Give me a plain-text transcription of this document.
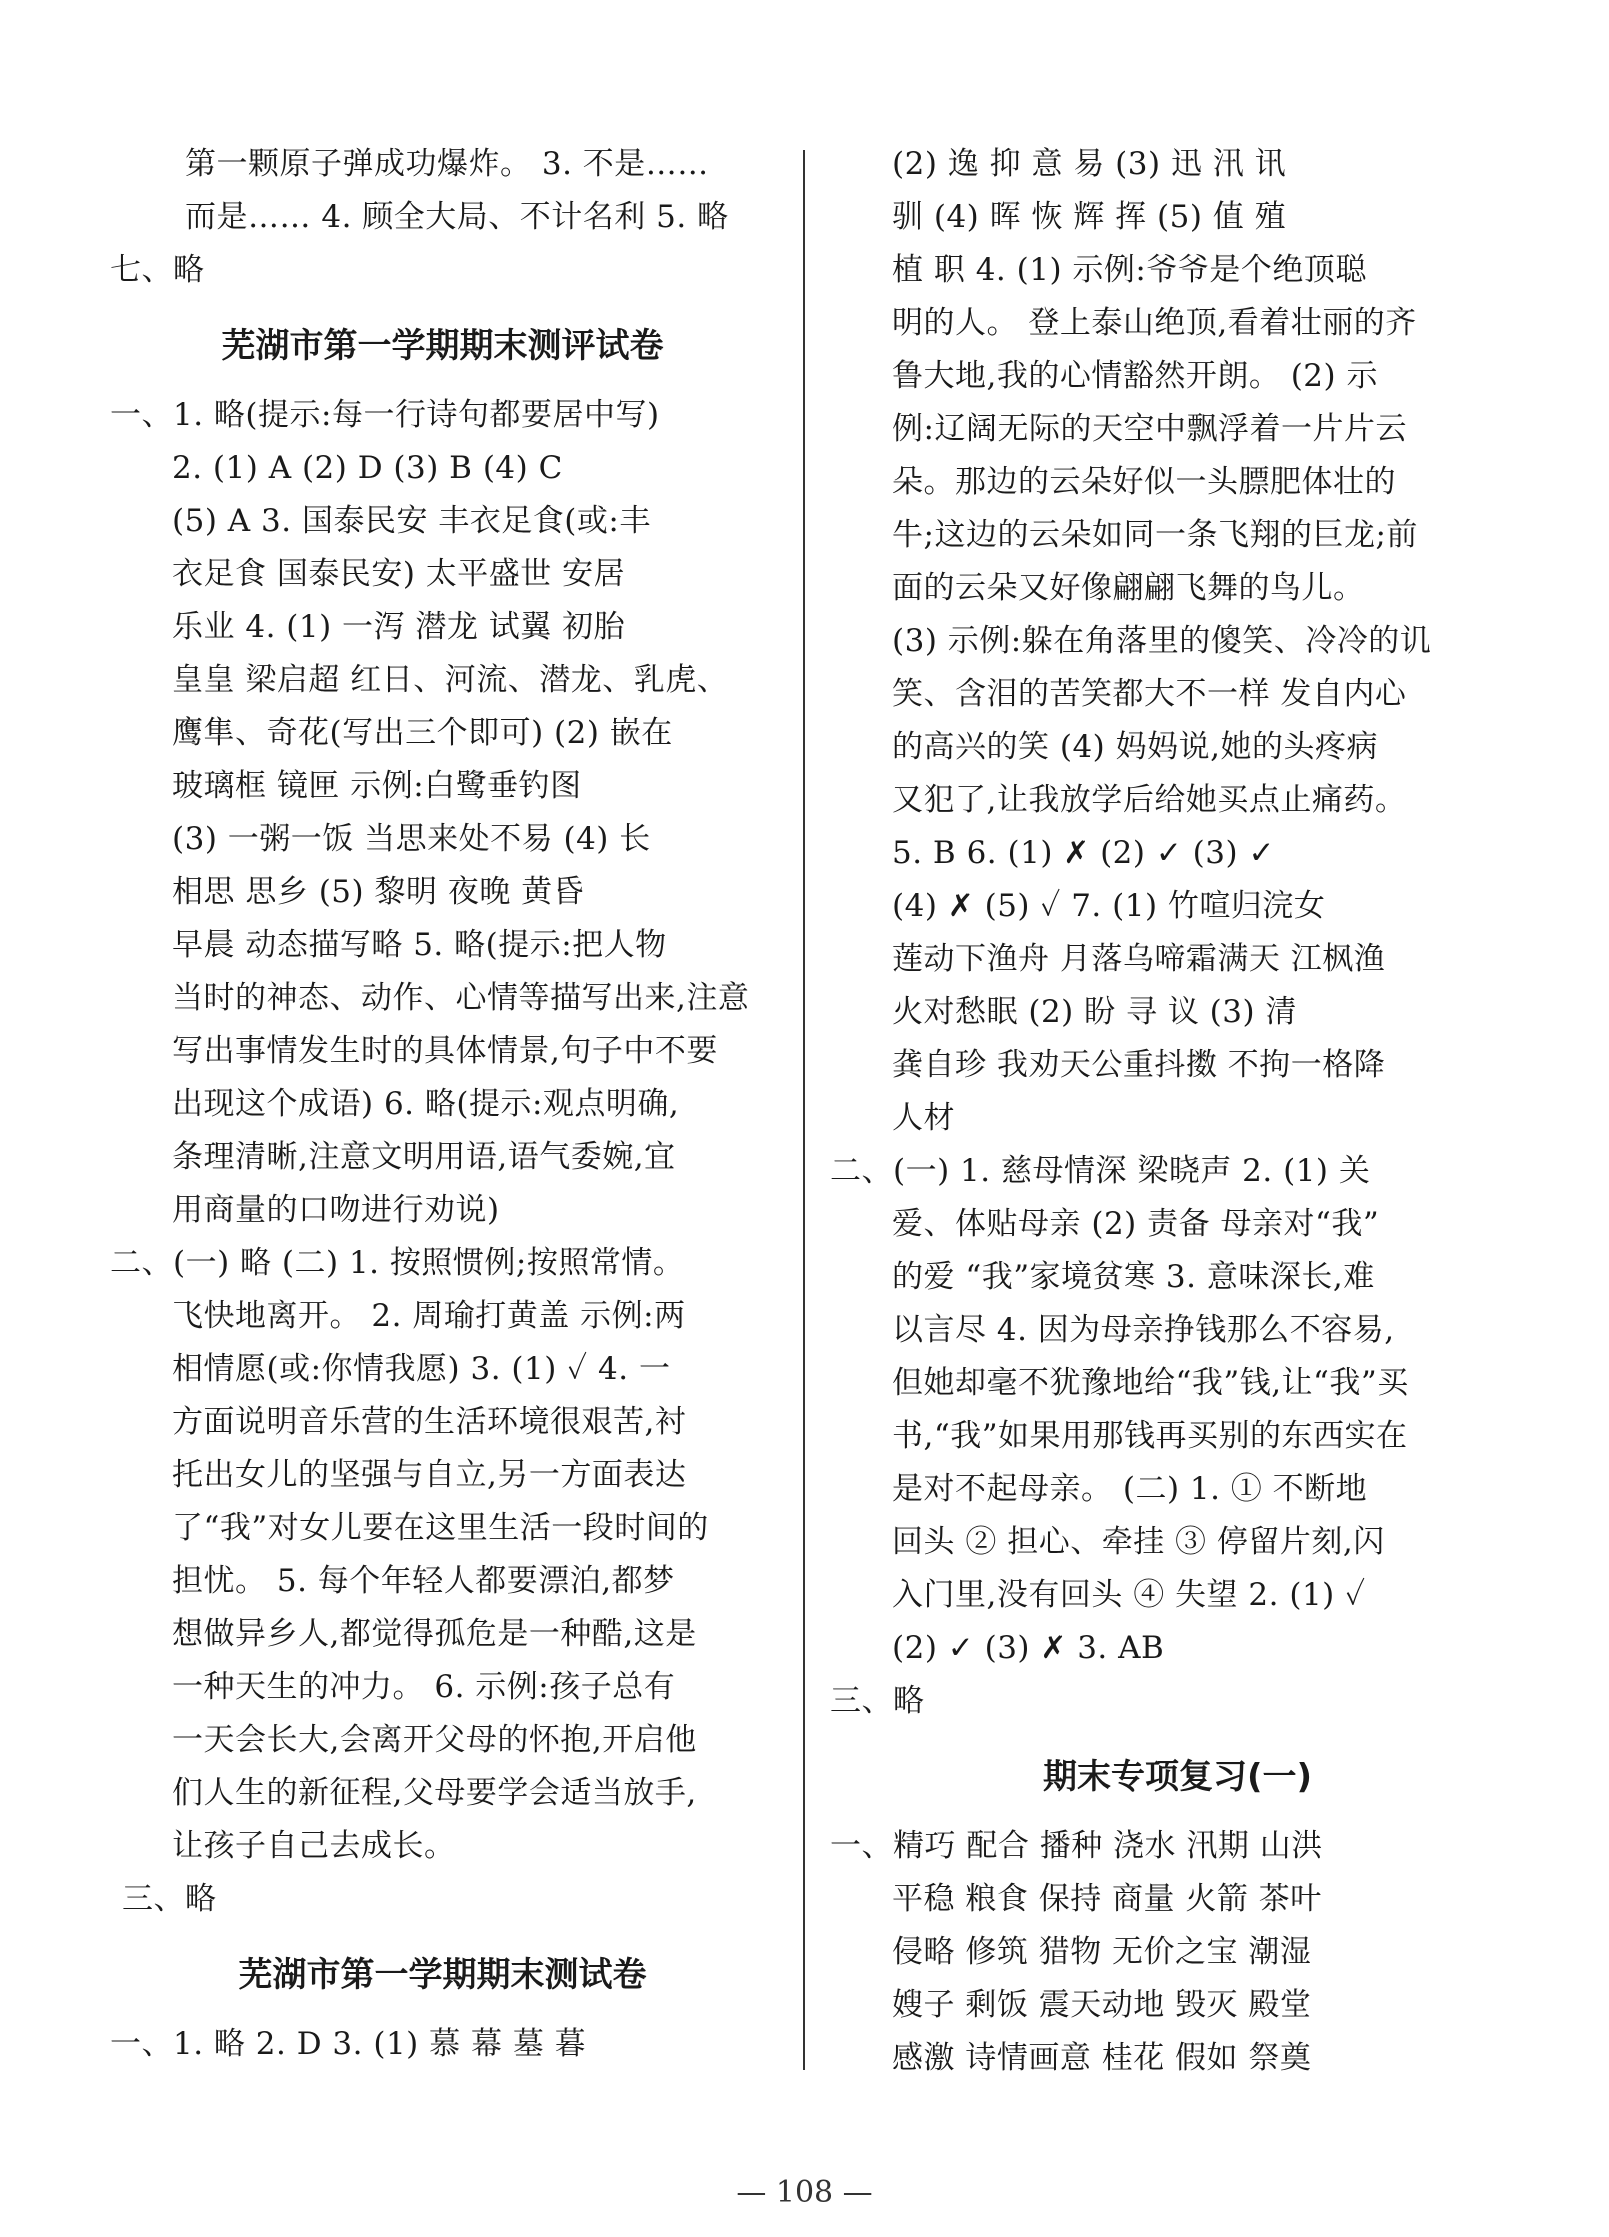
第一颗原子弹成功爆炸。 3. 不是……
而是…… 4. 顾全大局、不计名利 5. 略
七、略
芜湖市第一学期期末测评试卷
一、1. 略(提示:每一行诗句都要居中写)
2. (1) A (2) D (3) B (4) C
(5) A 3. 国泰民安 丰衣足食(或:丰
衣足食 国泰民安) 太平盛世 安居
乐业 4. (1) 一泻 潜龙 试翼 初胎
皇皇 梁启超 红日、河流、潜龙、乳虎、
鹰隼、奇花(写出三个即可) (2) 嵌在
玻璃框 镜匣 示例:白鹭垂钓图
(3) 一粥一饭 当思来处不易 (4) 长
相思 思乡 (5) 黎明 夜晚 黄昏
早晨 动态描写略 5. 略(提示:把人物
当时的神态、动作、心情等描写出来,注意
写出事情发生时的具体情景,句子中不要
出现这个成语) 6. 略(提示:观点明确,
条理清晰,注意文明用语,语气委婉,宜
用商量的口吻进行劝说)
二、(一) 略 (二) 1. 按照惯例;按照常情。
飞快地离开。 2. 周瑜打黄盖 示例:两
相情愿(或:你情我愿) 3. (1) ✓ 4. 一
方面说明音乐营的生活环境很艰苦,衬
托出女儿的坚强与自立,另一方面表达
了“我”对女儿要在这里生活一段时间的
担忧。 5. 每个年轻人都要漂泊,都梦
想做异乡人,都觉得孤危是一种酷,这是
一种天生的冲力。 6. 示例:孩子总有
一天会长大,会离开父母的怀抱,开启他
们人生的新征程,父母要学会适当放手,
让孩子自己去成长。
三、略
芜湖市第一学期期末测试卷
一、1. 略 2. D 3. (1) 慕 幕 墓 暮
(2) 逸 抑 意 易 (3) 迅 汛 讯
驯 (4) 晖 恢 辉 挥 (5) 值 殖
植 职 4. (1) 示例:爷爷是个绝顶聪
明的人。 登上泰山绝顶,看着壮丽的齐
鲁大地,我的心情豁然开朗。 (2) 示
例:辽阔无际的天空中飘浮着一片片云
朵。那边的云朵好似一头膘肥体壮的
牛;这边的云朵如同一条飞翔的巨龙;前
面的云朵又好像翩翩飞舞的鸟儿。
(3) 示例:躲在角落里的傻笑、冷冷的讥
笑、含泪的苦笑都大不一样 发自内心
的高兴的笑 (4) 妈妈说,她的头疼病
又犯了,让我放学后给她买点止痛药。
5. B 6. (1) ✗ (2) ✓ (3) ✓
(4) ✗ (5) ✓ 7. (1) 竹喧归浣女
莲动下渔舟 月落乌啼霜满天 江枫渔
火对愁眠 (2) 盼 寻 议 (3) 清
龚自珍 我劝天公重抖擞 不拘一格降
人材
二、(一) 1. 慈母情深 梁晓声 2. (1) 关
爱、体贴母亲 (2) 责备 母亲对“我”
的爱 “我”家境贫寒 3. 意味深长,难
以言尽 4. 因为母亲挣钱那么不容易,
但她却毫不犹豫地给“我”钱,让“我”买
书,“我”如果用那钱再买别的东西实在
是对不起母亲。 (二) 1. ① 不断地
回头 ② 担心、牵挂 ③ 停留片刻,闪
入门里,没有回头 ④ 失望 2. (1) ✓
(2) ✓ (3) ✗ 3. AB
三、略
期末专项复习(一)
一、精巧 配合 播种 浇水 汛期 山洪
平稳 粮食 保持 商量 火箭 茶叶
侵略 修筑 猎物 无价之宝 潮湿
嫂子 剩饭 震天动地 毁灭 殿堂
感激 诗情画意 桂花 假如 祭奠
— 108 —
